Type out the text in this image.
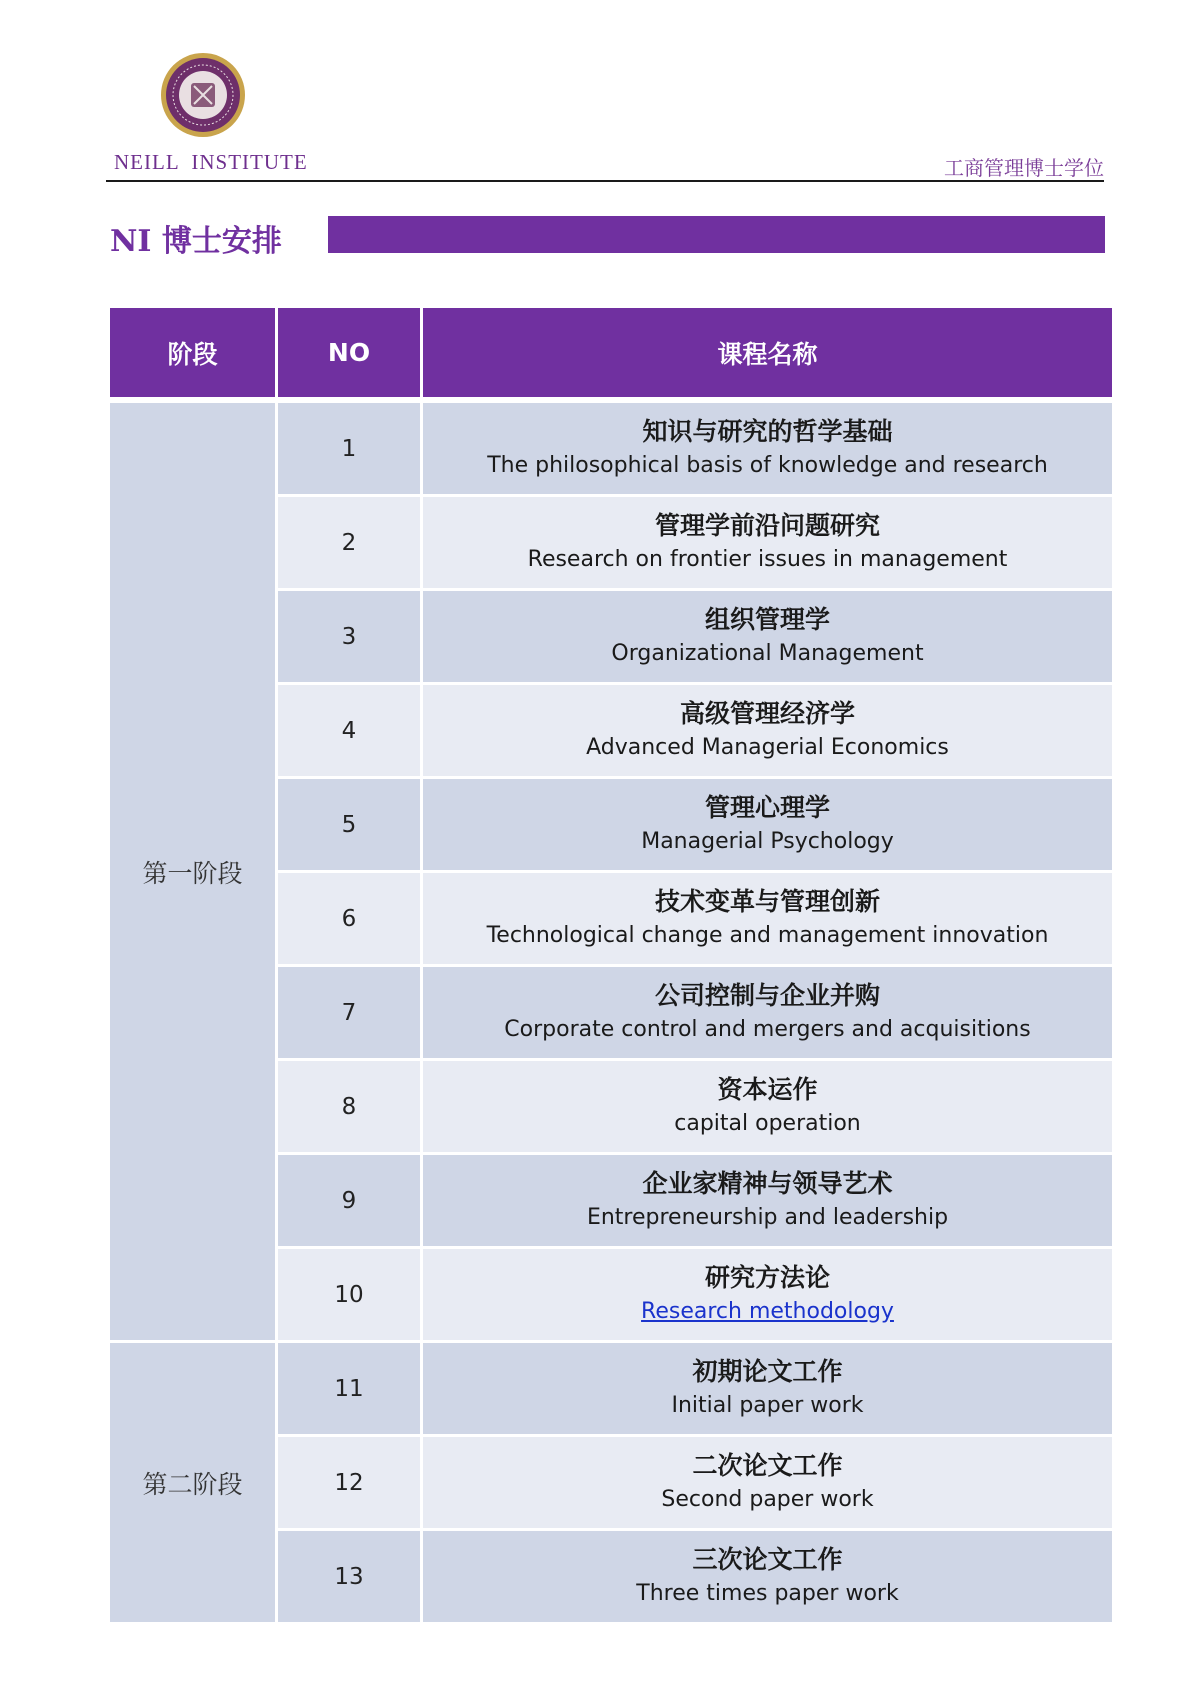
NEILL  INSTITUTE	工商管理博士学位
NI 博士安排
阶段	NO	课程名称
第一阶段	1	知识与研究的哲学基础
The philosophical basis of knowledge and research

	2	管理学前沿问题研究
Research on frontier issues in management

	3	组织管理学
Organizational Management

	4	高级管理经济学
Advanced Managerial Economics

	5	管理心理学
Managerial Psychology

	6	技术变革与管理创新
Technological change and management innovation

	7	公司控制与企业并购
Corporate control and mergers and acquisitions

	8	资本运作
capital operation

	9	企业家精神与领导艺术
Entrepreneurship and leadership

	10	研究方法论
Research methodology

第二阶段	11	初期论文工作
Initial paper work

	12	二次论文工作
Second paper work

	13	三次论文工作
Three times paper work
